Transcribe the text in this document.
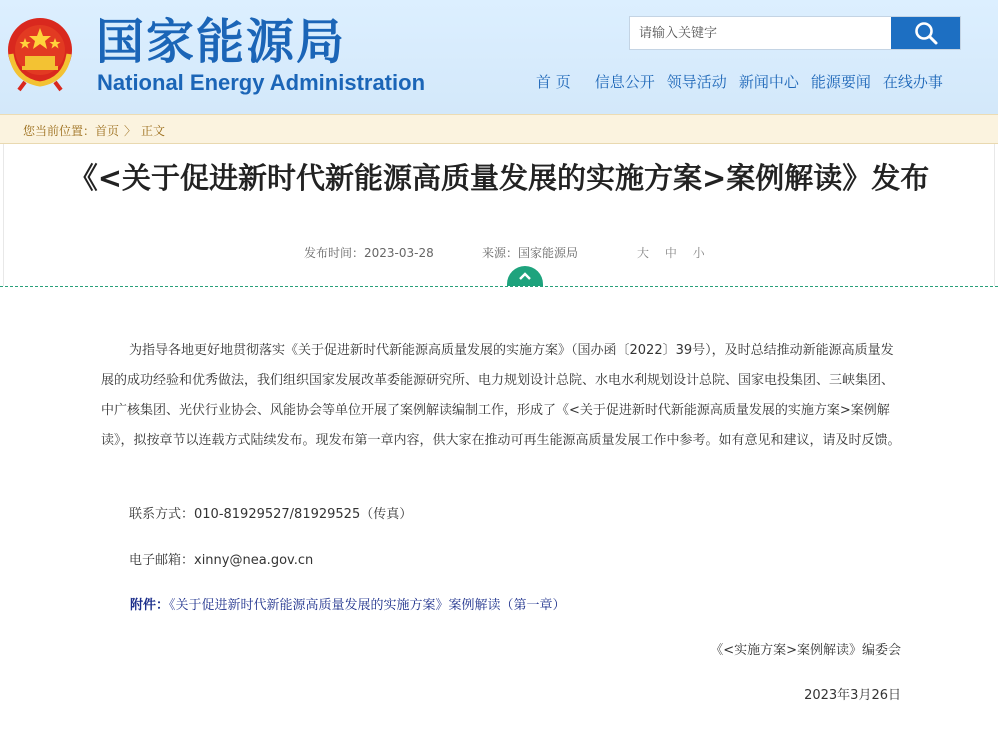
国家能源局
National Energy Administration
请输入关键字	首 页 信息公开 领导活动 新闻中心 能源要闻 在线办事
您当前位置： 首页 〉 正文
《<关于促进新时代新能源高质量发展的实施方案>案例解读》发布
发布时间：2023-03-28	来源：国家能源局	大 中 小

为指导各地更好地贯彻落实《关于促进新时代新能源高质量发展的实施方案》（国办函〔2022〕39号），及时总结推动新能源高质量发展的成功经验和优秀做法，我们组织国家发展改革委能源研究所、电力规划设计总院、水电水利规划设计总院、国家电投集团、三峡集团、中广核集团、光伏行业协会、风能协会等单位开展了案例解读编制工作，形成了《<关于促进新时代新能源高质量发展的实施方案>案例解读》，拟按章节以连载方式陆续发布。现发布第一章内容，供大家在推动可再生能源高质量发展工作中参考。如有意见和建议，请及时反馈。

联系方式：010-81929527/81929525（传真）
电子邮箱：xinny@nea.gov.cn
附件：《关于促进新时代新能源高质量发展的实施方案》案例解读（第一章）
《<实施方案>案例解读》编委会
2023年3月26日
